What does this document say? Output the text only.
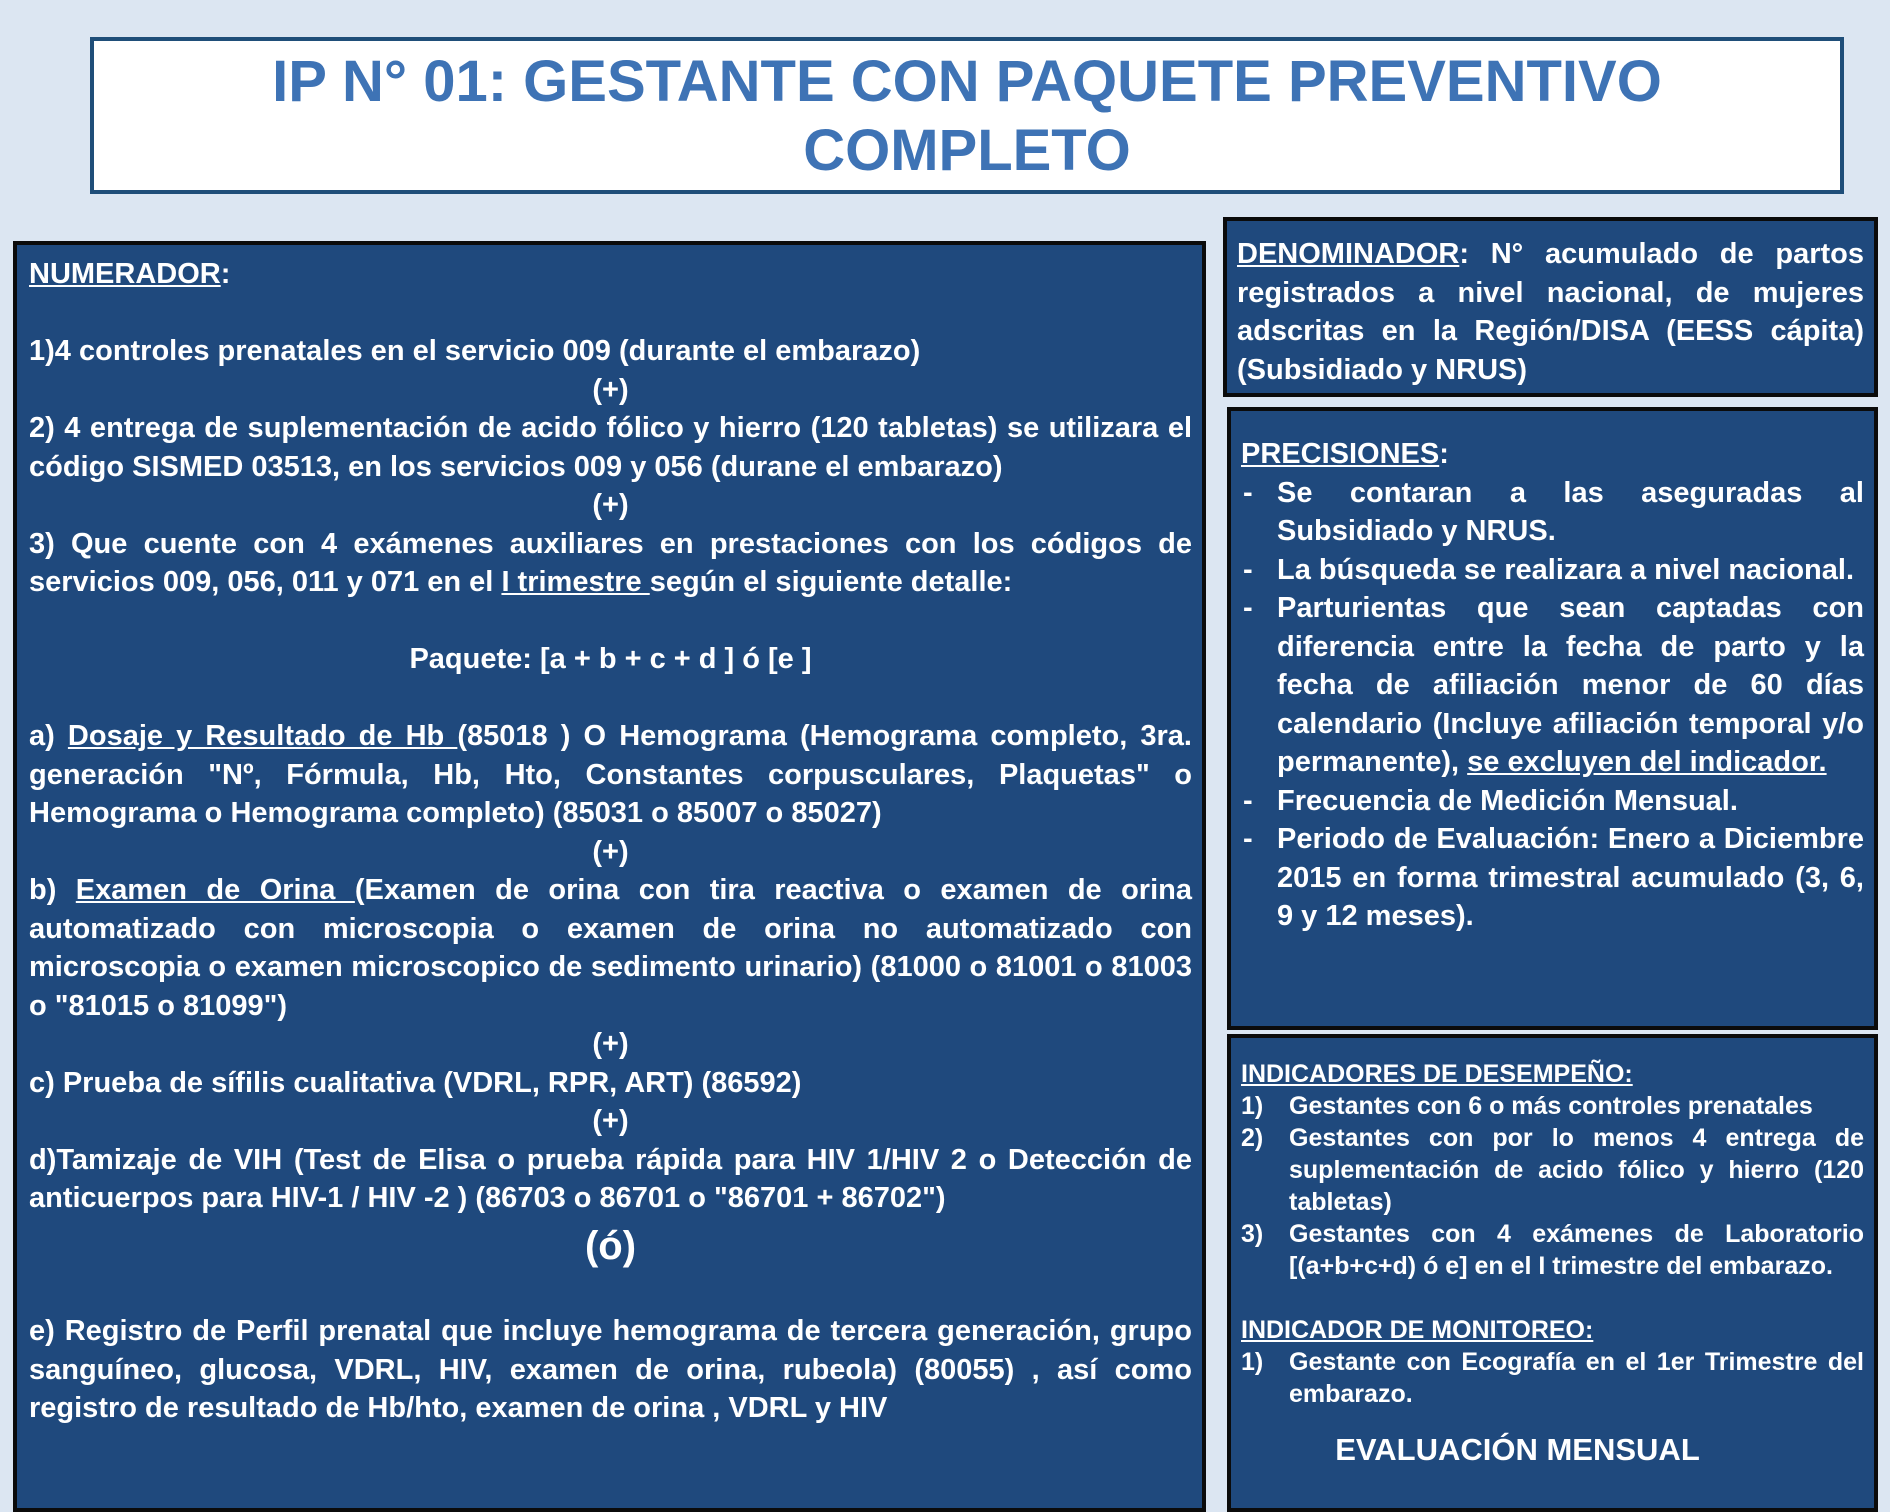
IP N° 01: GESTANTE CON PAQUETE PREVENTIVO
COMPLETO

NUMERADOR:

1)4 controles prenatales en el servicio 009 (durante el embarazo)

(+)

2) 4 entrega de suplementación de acido fólico y hierro (120 tabletas) se utilizara el código SISMED 03513, en los servicios 009 y 056 (durane el embarazo)

(+)

3) Que cuente con 4 exámenes auxiliares en prestaciones con los códigos de servicios 009, 056, 011 y 071 en el I trimestre según el siguiente detalle:

Paquete: [a + b + c + d ] ó [e ]

a) Dosaje y Resultado de Hb (85018 ) O Hemograma (Hemograma completo, 3ra. generación "Nº, Fórmula, Hb, Hto, Constantes corpusculares, Plaquetas" o Hemograma o Hemograma completo) (85031 o 85007 o 85027)

(+)

b) Examen de Orina (Examen de orina con tira reactiva o examen de orina automatizado con microscopia o examen de orina no automatizado con microscopia o examen microscopico de sedimento urinario) (81000 o 81001 o 81003 o "81015 o 81099")

(+)

c) Prueba de sífilis cualitativa (VDRL, RPR, ART) (86592)

(+)

d)Tamizaje de VIH (Test de Elisa o prueba rápida para HIV 1/HIV 2 o Detección de anticuerpos para HIV-1 / HIV -2 ) (86703 o 86701 o "86701 + 86702")

(ó)

e) Registro de Perfil prenatal que incluye hemograma de tercera generación, grupo sanguíneo, glucosa, VDRL, HIV, examen de orina, rubeola) (80055) , así como registro de resultado de Hb/hto, examen de orina , VDRL y HIV

DENOMINADOR: N° acumulado de partos registrados a nivel nacional, de mujeres adscritas en la Región/DISA (EESS cápita) (Subsidiado y NRUS)

PRECISIONES:

- Se contaran a las aseguradas al Subsidiado y NRUS.
- La búsqueda se realizara a nivel nacional.
- Parturientas que sean captadas con diferencia entre la fecha de parto y la fecha de afiliación menor de 60 días calendario (Incluye afiliación temporal y/o permanente), se excluyen del indicador.
- Frecuencia de Medición Mensual.
- Periodo de Evaluación: Enero a Diciembre 2015 en forma trimestral acumulado (3, 6, 9 y 12 meses).

INDICADORES DE DESEMPEÑO:

1) Gestantes con 6 o más controles prenatales
2) Gestantes con por lo menos 4 entrega de suplementación de acido fólico y hierro (120 tabletas)
3) Gestantes con 4 exámenes de Laboratorio [(a+b+c+d) ó e] en el I trimestre del embarazo.

INDICADOR DE MONITOREO:

1) Gestante con Ecografía en el 1er Trimestre del embarazo.

EVALUACIÓN MENSUAL
